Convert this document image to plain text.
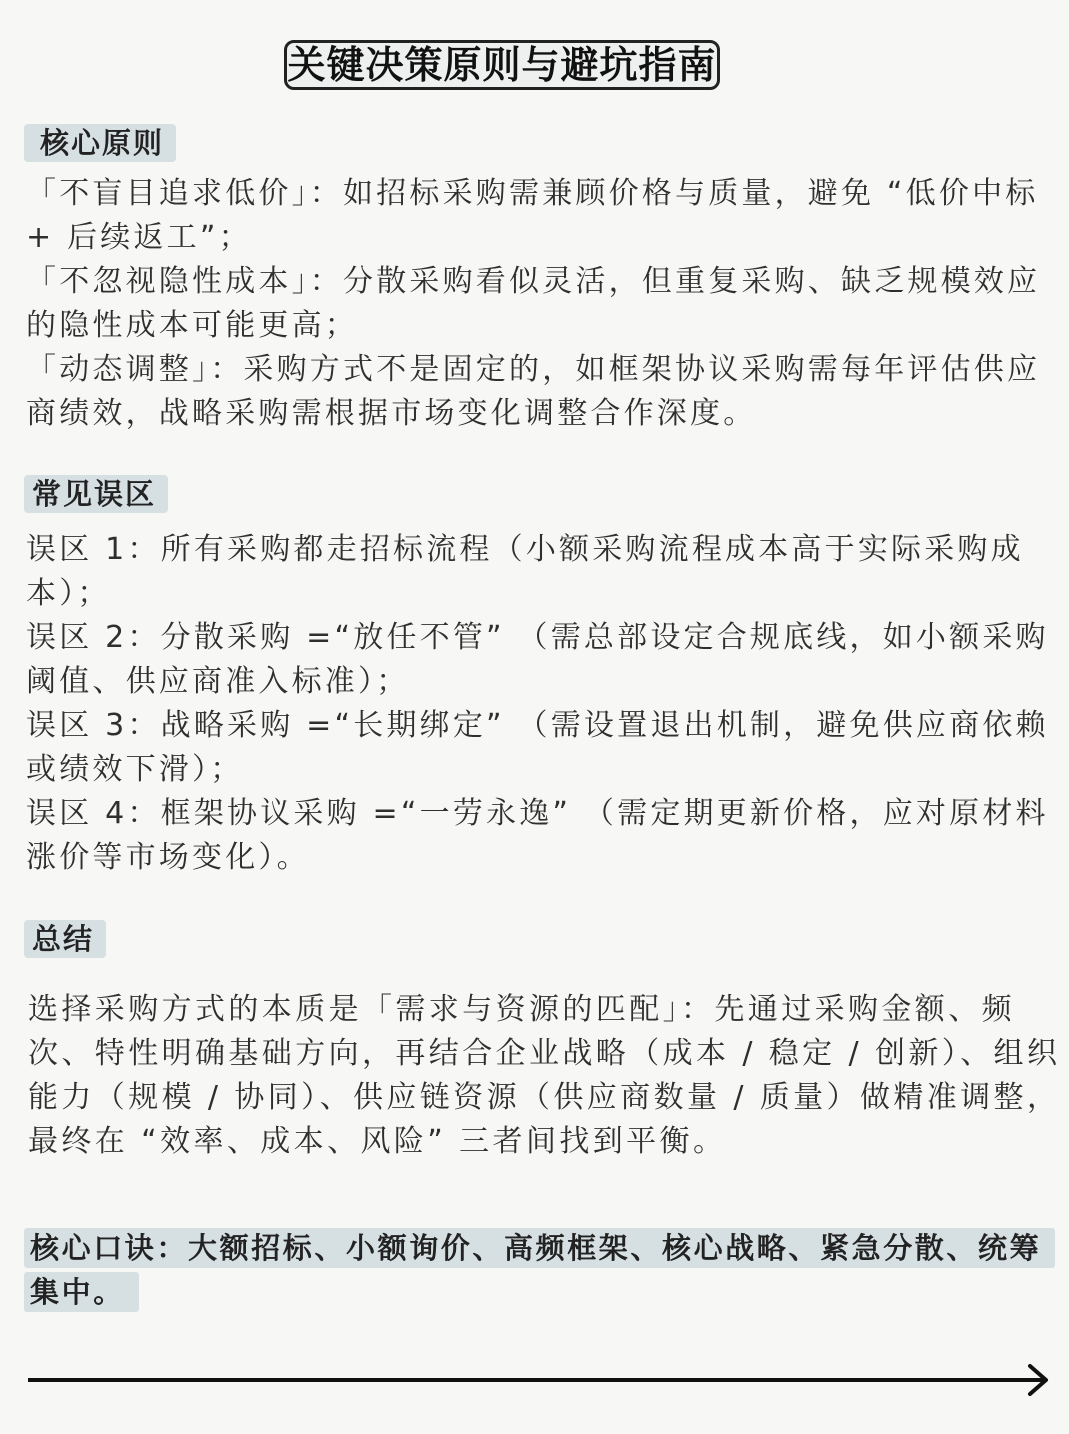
关键决策原则与避坑指南
核心原则

「不盲目追求低价」：如招标采购需兼顾价格与质量，避免 “低价中标 + 后续返工”；

「不忽视隐性成本」：分散采购看似灵活，但重复采购、缺乏规模效应的隐性成本可能更高；

「动态调整」：采购方式不是固定的，如框架协议采购需每年评估供应商绩效，战略采购需根据市场变化调整合作深度。

常见误区

误区 1：所有采购都走招标流程（小额采购流程成本高于实际采购成本）；

误区 2：分散采购 =“放任不管” （需总部设定合规底线，如小额采购阈值、供应商准入标准）；

误区 3：战略采购 =“长期绑定” （需设置退出机制，避免供应商依赖或绩效下滑）；

误区 4：框架协议采购 =“一劳永逸” （需定期更新价格，应对原材料涨价等市场变化）。

总结

选择采购方式的本质是「需求与资源的匹配」：先通过采购金额、频次、特性明确基础方向，再结合企业战略（成本 / 稳定 / 创新）、组织能力（规模 / 协同）、供应链资源（供应商数量 / 质量）做精准调整，最终在 “效率、成本、风险” 三者间找到平衡。

核心口诀：大额招标、小额询价、高频框架、核心战略、紧急分散、统筹集中。
